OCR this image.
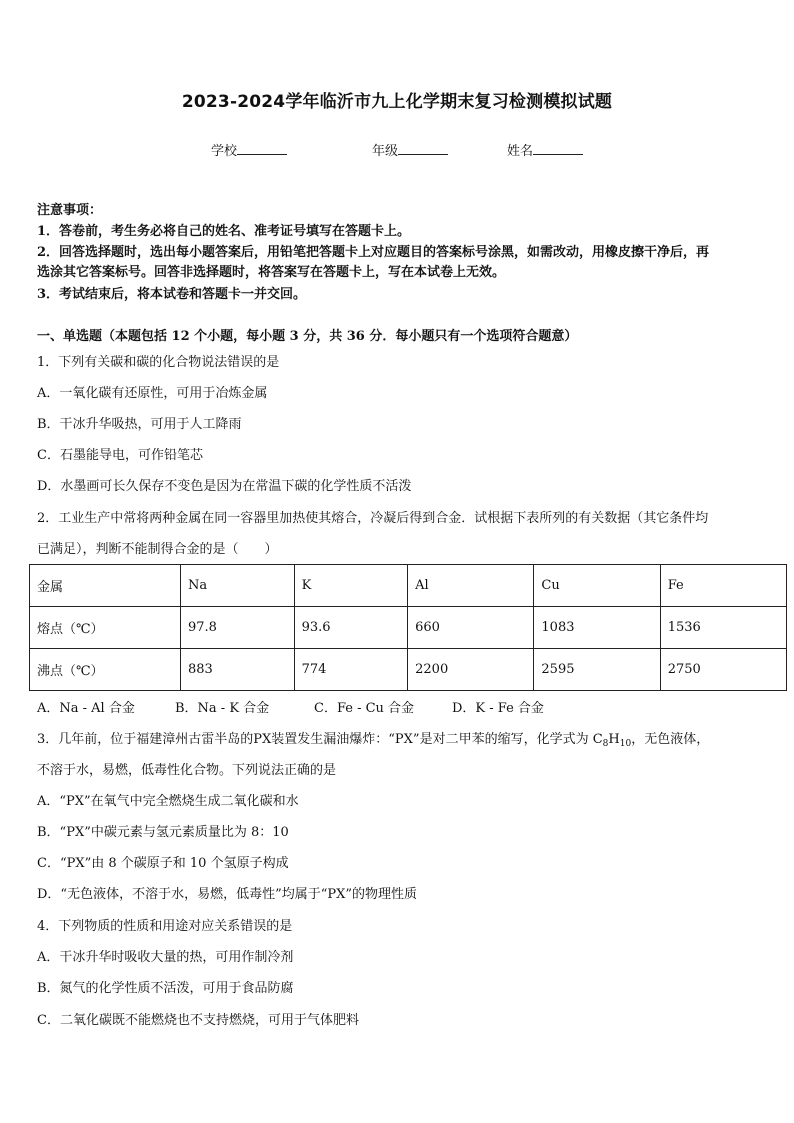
2023-2024学年临沂市九上化学期末复习检测模拟试题
学校	年级	姓名
注意事项：
1．答卷前，考生务必将自己的姓名、准考证号填写在答题卡上。
2．回答选择题时，选出每小题答案后，用铅笔把答题卡上对应题目的答案标号涂黑，如需改动，用橡皮擦干净后，再
选涂其它答案标号。回答非选择题时，将答案写在答题卡上，写在本试卷上无效。
3．考试结束后，将本试卷和答题卡一并交回。
一、单选题（本题包括 12 个小题，每小题 3 分，共 36 分．每小题只有一个选项符合题意）
1．下列有关碳和碳的化合物说法错误的是
A．一氧化碳有还原性，可用于冶炼金属
B．干冰升华吸热，可用于人工降雨
C．石墨能导电，可作铅笔芯
D．水墨画可长久保存不变色是因为在常温下碳的化学性质不活泼
2．工业生产中常将两种金属在同一容器里加热使其熔合，冷凝后得到合金．试根据下表所列的有关数据（其它条件均
已满足），判断不能制得合金的是（　　）
金属	Na	K	Al	Cu	Fe
熔点（℃）	97.8	93.6	660	1083	1536
沸点（℃）	883	774	2200	2595	2750
A．Na - Al 合金	B．Na - K 合金	C．Fe - Cu 合金	D．K - Fe 合金
3．几年前，位于福建漳州古雷半岛的PX装置发生漏油爆炸：“PX”是对二甲苯的缩写，化学式为 $C_8H_{10}$，无色液体，
不溶于水，易燃，低毒性化合物。下列说法正确的是
A．“PX”在氧气中完全燃烧生成二氧化碳和水
B．“PX”中碳元素与氢元素质量比为 8：10
C．“PX”由 8 个碳原子和 10 个氢原子构成
D．“无色液体，不溶于水，易燃，低毒性”均属于“PX”的物理性质
4．下列物质的性质和用途对应关系错误的是
A．干冰升华时吸收大量的热，可用作制冷剂
B．氮气的化学性质不活泼，可用于食品防腐
C．二氧化碳既不能燃烧也不支持燃烧，可用于气体肥料
